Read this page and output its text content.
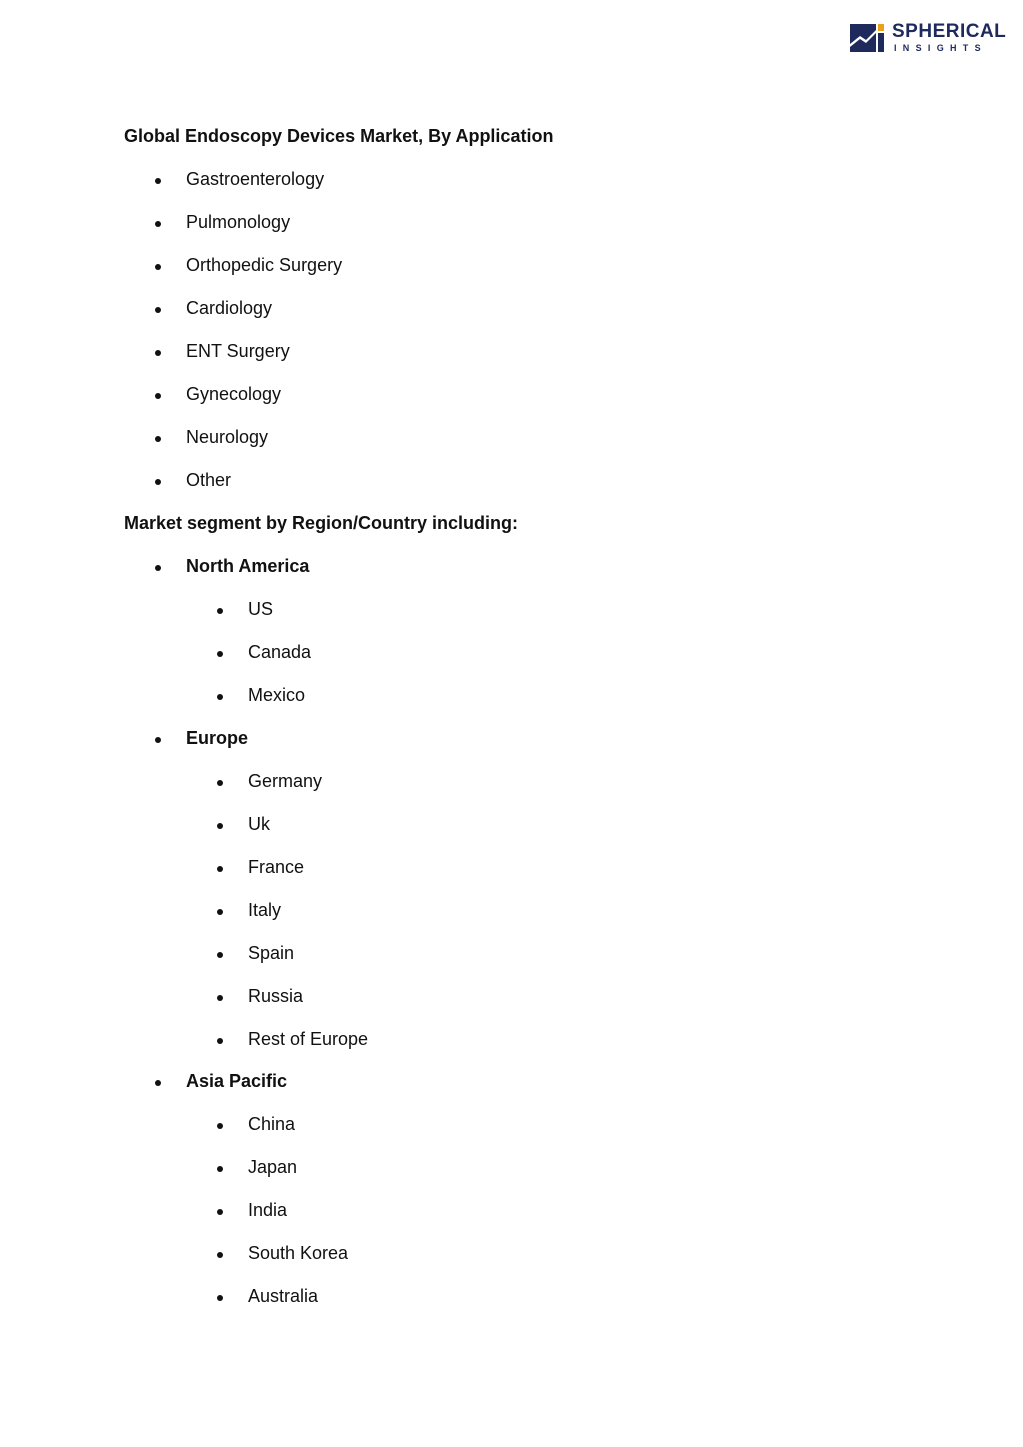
SPHERICAL
INSIGHTS
Global Endoscopy Devices Market, By Application
Gastroenterology
Pulmonology
Orthopedic Surgery
Cardiology
ENT Surgery
Gynecology
Neurology
Other
Market segment by Region/Country including:
North America
US
Canada
Mexico
Europe
Germany
Uk
France
Italy
Spain
Russia
Rest of Europe
Asia Pacific
China
Japan
India
South Korea
Australia
